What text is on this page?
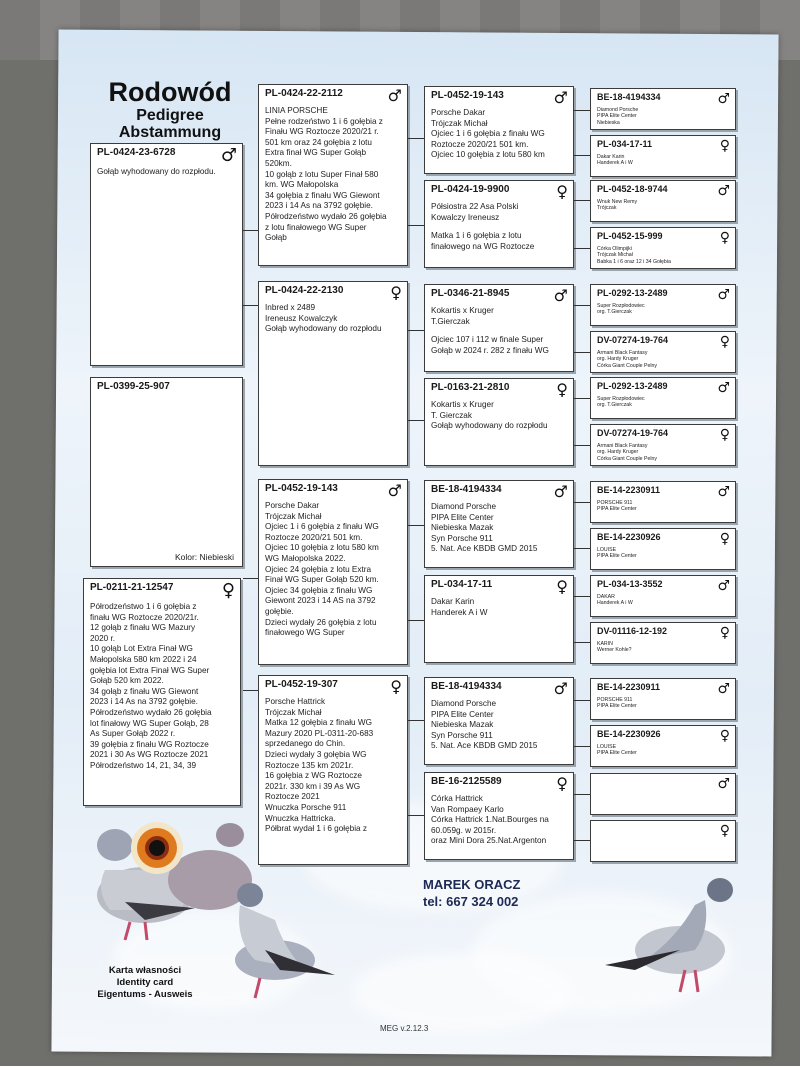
Rodowód
Pedigree
Abstammung
PL-0424-23-6728	♂
Gołąb wyhodowany do rozpłodu.
PL-0399-25-907
Kolor: Niebieski
PL-0211-21-12547	♀
Półrodzeństwo 1 i 6 gołębia z
finału WG Roztocze 2020/21r.
12 gołąb z finału WG Mazury
2020 r.
10 gołąb Lot Extra Finał WG
Małopolska 580 km 2022 i 24
gołębia lot Extra Finał WG Super
Gołąb 520 km 2022.
34 gołąb z finału WG Giewont
2023 i 14 As na 3792 gołębie.
Półrodzeństwo wydało 26 gołębia
lot finałowy WG Super Gołąb, 28
As Super Gołąb 2022 r.
39 gołębia z finału WG Roztocze
2021 i 30 As WG Roztocze 2021
Półrodzeństwo 14, 21, 34, 39
PL-0424-22-2112	♂
LINIA PORSCHE
Pełne rodzeństwo 1 i 6 gołębia z
Finału WG Roztocze 2020/21 r.
501 km oraz 24 gołębia z lotu
Extra finał WG Super Gołąb
520km.
10 gołąb z lotu Super Finał 580
km. WG Małopolska
34 gołębia z finału WG Giewont
2023 i 14 As na 3792 gołębie.
Półrodzeństwo wydało 26 gołębia
z lotu finałowego WG Super
Gołąb
PL-0424-22-2130	♀
Inbred x 2489
Ireneusz Kowalczyk
Gołąb wyhodowany do rozpłodu
PL-0452-19-143	♂
Porsche Dakar
Trójczak Michał
Ojciec 1 i 6 gołębia z finału WG
Roztocze 2020/21 501 km.
Ojciec 10 gołębia z lotu 580 km
WG Małopolska 2022.
Ojciec 24 gołębia z lotu Extra
Finał WG Super Gołąb 520 km.
Ojciec 34 gołębia z finału WG
Giewont 2023 i 14 AS na 3792
gołębie.
Dzieci wydały 26 gołębia z lotu
finałowego WG Super
PL-0452-19-307	♀
Porsche Hattrick
Trójczak Michał
Matka 12 gołębia z finału WG
Mazury 2020 PL-0311-20-683
sprzedanego do Chin.
Dzieci wydały 3 gołębia WG
Roztocze 135 km 2021r.
16 gołębia z WG Roztocze
2021r. 330 km i 39 As WG
Roztocze 2021
Wnuczka Porsche 911
Wnuczka Hattricka.
Półbrat wydał 1 i 6 gołębia z
PL-0452-19-143	♂
Porsche Dakar
Trójczak Michał
Ojciec 1 i 6 gołębia z finału WG
Roztocze 2020/21 501 km.
Ojciec 10 gołębia z lotu 580 km
PL-0424-19-9900	♀
Półsiostra 22 Asa Polski
Kowalczy Ireneusz
Matka 1 i 6 gołębia z lotu
finałowego na WG Roztocze
PL-0346-21-8945	♂
Kokartis x Kruger
T.Gierczak
Ojciec 107 i 112 w finale Super
Gołąb w 2024 r. 282 z finału WG
PL-0163-21-2810	♀
Kokartis x Kruger
T. Gierczak
Gołąb wyhodowany do rozpłodu
BE-18-4194334	♂
Diamond Porsche
PIPA Elite Center
Niebieska Mazak
Syn Porsche 911
5. Nat. Ace KBDB GMD 2015
PL-034-17-11	♀
Dakar Karin
Handerek A i W
BE-18-4194334	♂
Diamond Porsche
PIPA Elite Center
Niebieska Mazak
Syn Porsche 911
5. Nat. Ace KBDB GMD 2015
BE-16-2125589	♀
Córka Hattrick
Van Rompaey Karlo
Córka Hattrick 1.Nat.Bourges na
60.059g. w 2015r.
oraz Mini Dora 25.Nat.Argenton
BE-18-4194334	♂
Diamond Porsche
PIPA Elite Center
Niebieska
PL-034-17-11	♀
Dakar Karin
Handerek A i W
PL-0452-18-9744	♂
Wnuk New Remy
Trójczak
PL-0452-15-999	♀
Córka Olimpijki
Trójczak Michał
Babka 1 i 6 oraz 12 i 34 Gołębia
PL-0292-13-2489	♂
Super Rozpłodowiec
org. T.Gierczak
DV-07274-19-764	♀
Armani Black Fantasy
org. Hardy Kruger
Córka Giant Couple Pelny
PL-0292-13-2489	♂
Super Rozpłodowiec
org. T.Gierczak
DV-07274-19-764	♀
Armani Black Fantasy
org. Hardy Kruger
Córka Giant Couple Pelny
BE-14-2230911	♂
PORSCHE 911
PIPA Elite Center
BE-14-2230926	♀
LOUISE
PIPA Elite Center
PL-034-13-3552	♂
DAKAR
Handerek A i W
DV-01116-12-192	♀
KARIN
Werner Kohle?
BE-14-2230911	♂
PORSCHE 911
PIPA Elite Center
BE-14-2230926	♀
LOUISE
PIPA Elite Center
♂
♀
MAREK ORACZ
tel: 667 324 002
Karta własności
Identity card
Eigentums - Ausweis
MEG v.2.12.3
